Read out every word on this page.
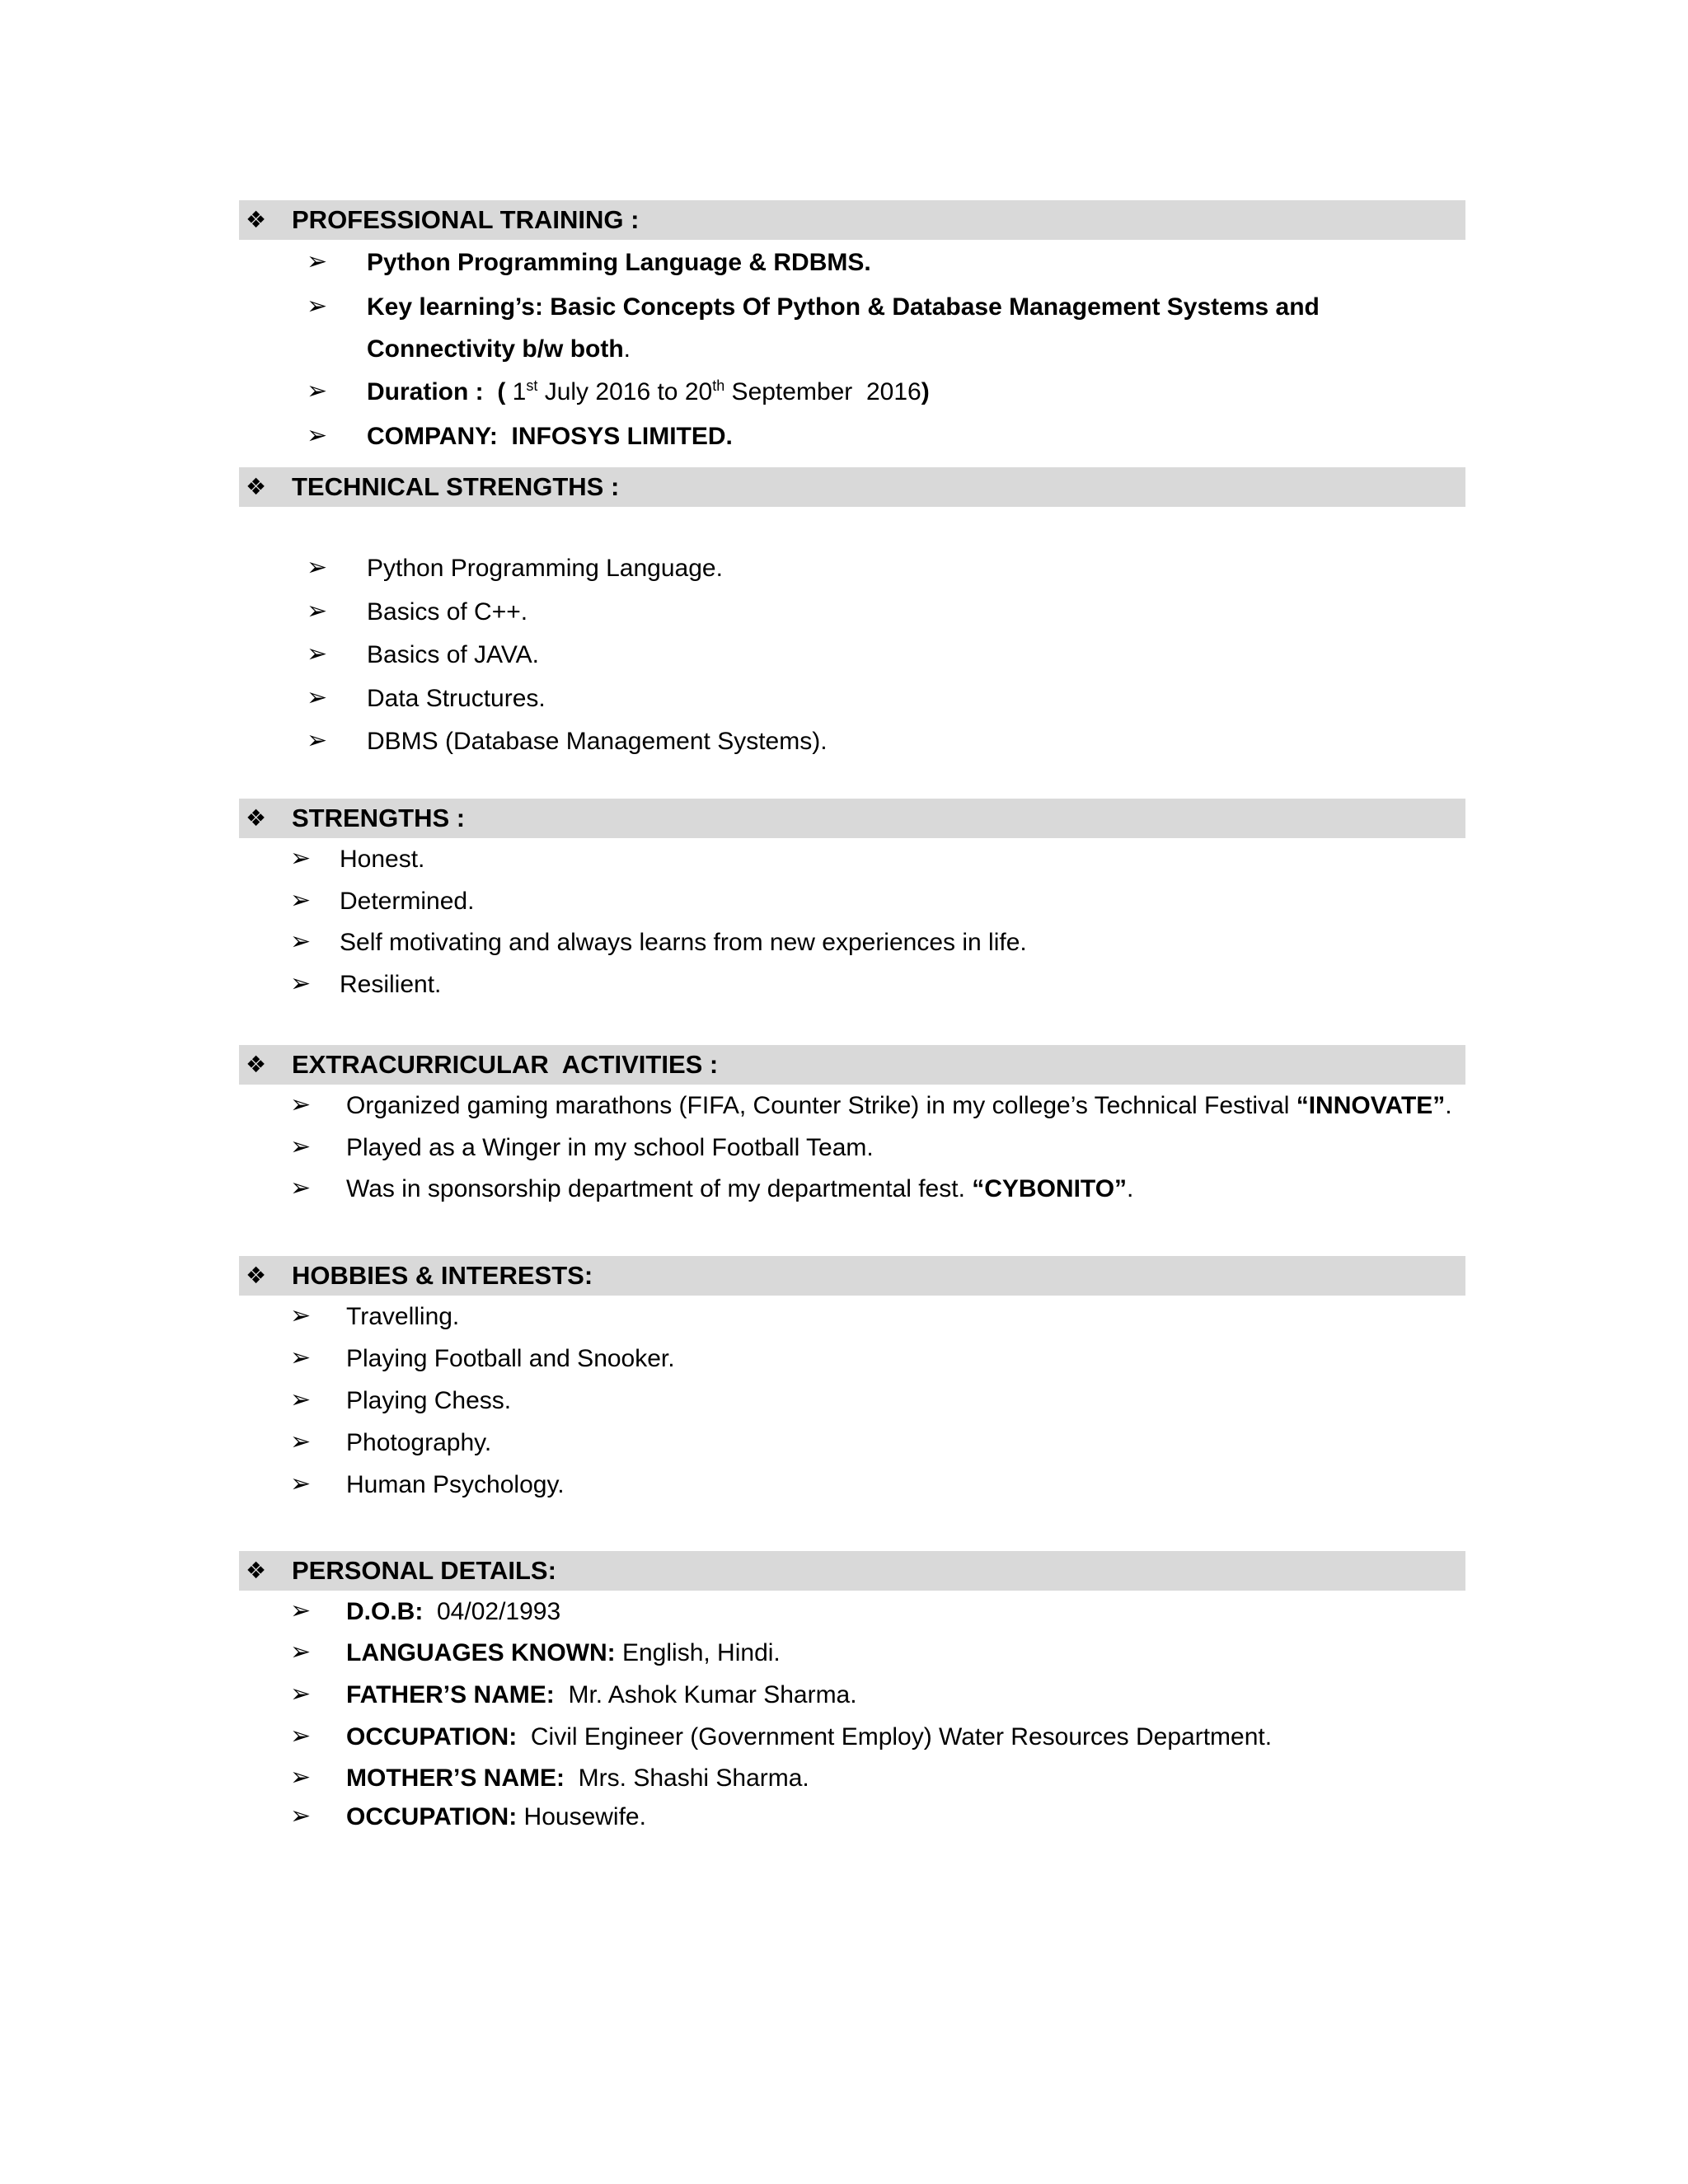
❖ PROFESSIONAL TRAINING :
➢ Python Programming Language & RDBMS.
➢ Key learning’s: Basic Concepts Of Python & Database Management Systems and
Connectivity b/w both.
➢ Duration : ( 1st July 2016 to 20th September  2016)
➢ COMPANY:  INFOSYS LIMITED.
❖ TECHNICAL STRENGTHS :
➢ Python Programming Language.
➢ Basics of C++.
➢ Basics of JAVA.
➢ Data Structures.
➢ DBMS (Database Management Systems).
❖ STRENGTHS :
➢ Honest.
➢ Determined.
➢ Self motivating and always learns from new experiences in life.
➢ Resilient.
❖ EXTRACURRICULAR  ACTIVITIES :
➢ Organized gaming marathons (FIFA, Counter Strike) in my college’s Technical Festival “INNOVATE”.
➢ Played as a Winger in my school Football Team.
➢ Was in sponsorship department of my departmental fest. “CYBONITO”.
❖ HOBBIES & INTERESTS:
➢ Travelling.
➢ Playing Football and Snooker.
➢ Playing Chess.
➢ Photography.
➢ Human Psychology.
❖ PERSONAL DETAILS:
➢ D.O.B:  04/02/1993
➢ LANGUAGES KNOWN: English, Hindi.
➢ FATHER’S NAME:  Mr. Ashok Kumar Sharma.
➢ OCCUPATION:  Civil Engineer (Government Employ) Water Resources Department.
➢ MOTHER’S NAME:  Mrs. Shashi Sharma.
➢ OCCUPATION: Housewife.
